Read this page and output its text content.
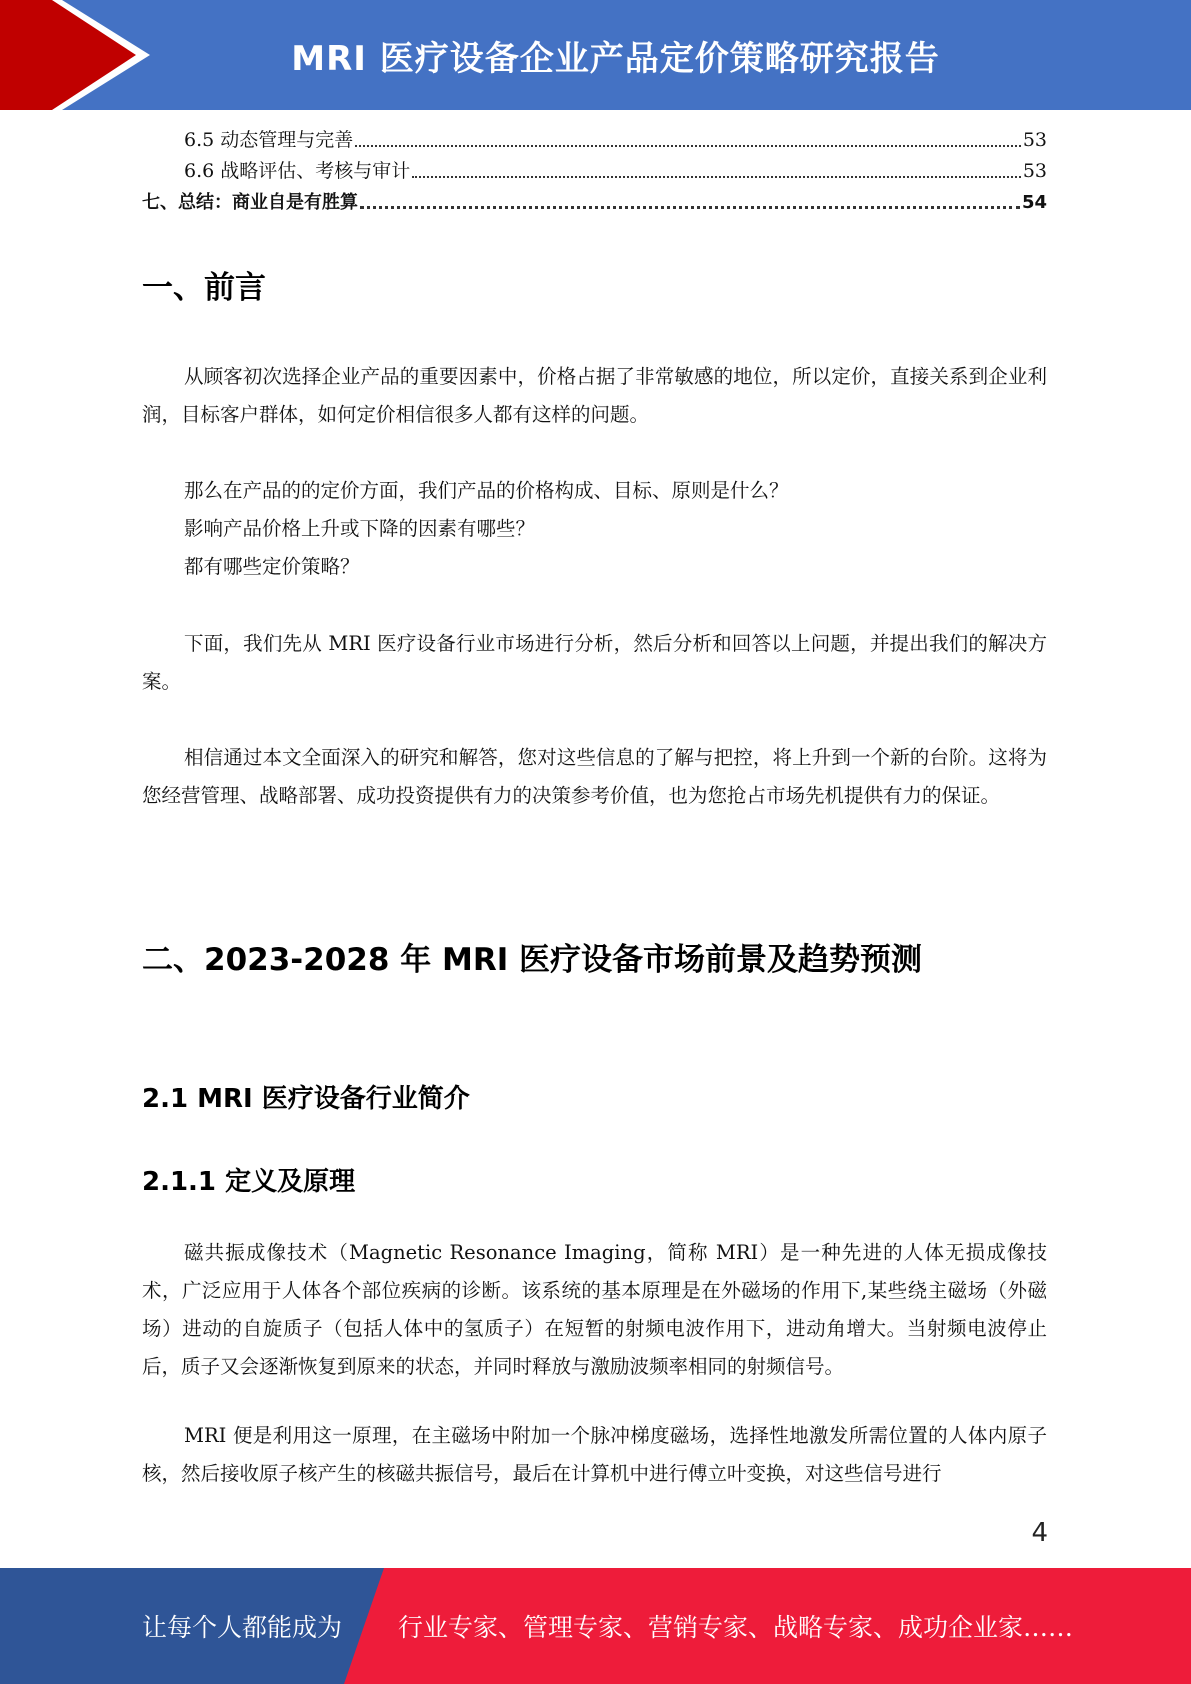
MRI 医疗设备企业产品定价策略研究报告
6.5 动态管理与完善	53
6.6 战略评估、考核与审计	53
七、总结：商业自是有胜算	54
一、前言

从顾客初次选择企业产品的重要因素中，价格占据了非常敏感的地位，所以定价，直接关系到企业利润，目标客户群体，如何定价相信很多人都有这样的问题。

那么在产品的的定价方面，我们产品的价格构成、目标、原则是什么？
影响产品价格上升或下降的因素有哪些？
都有哪些定价策略？

下面，我们先从 MRI 医疗设备行业市场进行分析，然后分析和回答以上问题，并提出我们的解决方案。

相信通过本文全面深入的研究和解答，您对这些信息的了解与把控，将上升到一个新的台阶。这将为您经营管理、战略部署、成功投资提供有力的决策参考价值，也为您抢占市场先机提供有力的保证。

二、2023-2028 年 MRI 医疗设备市场前景及趋势预测
2.1 MRI 医疗设备行业简介
2.1.1 定义及原理

磁共振成像技术（Magnetic Resonance Imaging，简称 MRI）是一种先进的人体无损成像技术，广泛应用于人体各个部位疾病的诊断。该系统的基本原理是在外磁场的作用下,某些绕主磁场（外磁场）进动的自旋质子（包括人体中的氢质子）在短暂的射频电波作用下，进动角增大。当射频电波停止后，质子又会逐渐恢复到原来的状态，并同时释放与激励波频率相同的射频信号。

MRI 便是利用这一原理，在主磁场中附加一个脉冲梯度磁场，选择性地激发所需位置的人体内原子核，然后接收原子核产生的核磁共振信号，最后在计算机中进行傅立叶变换，对这些信号进行

4
让每个人都能成为 行业专家、管理专家、营销专家、战略专家、成功企业家……
